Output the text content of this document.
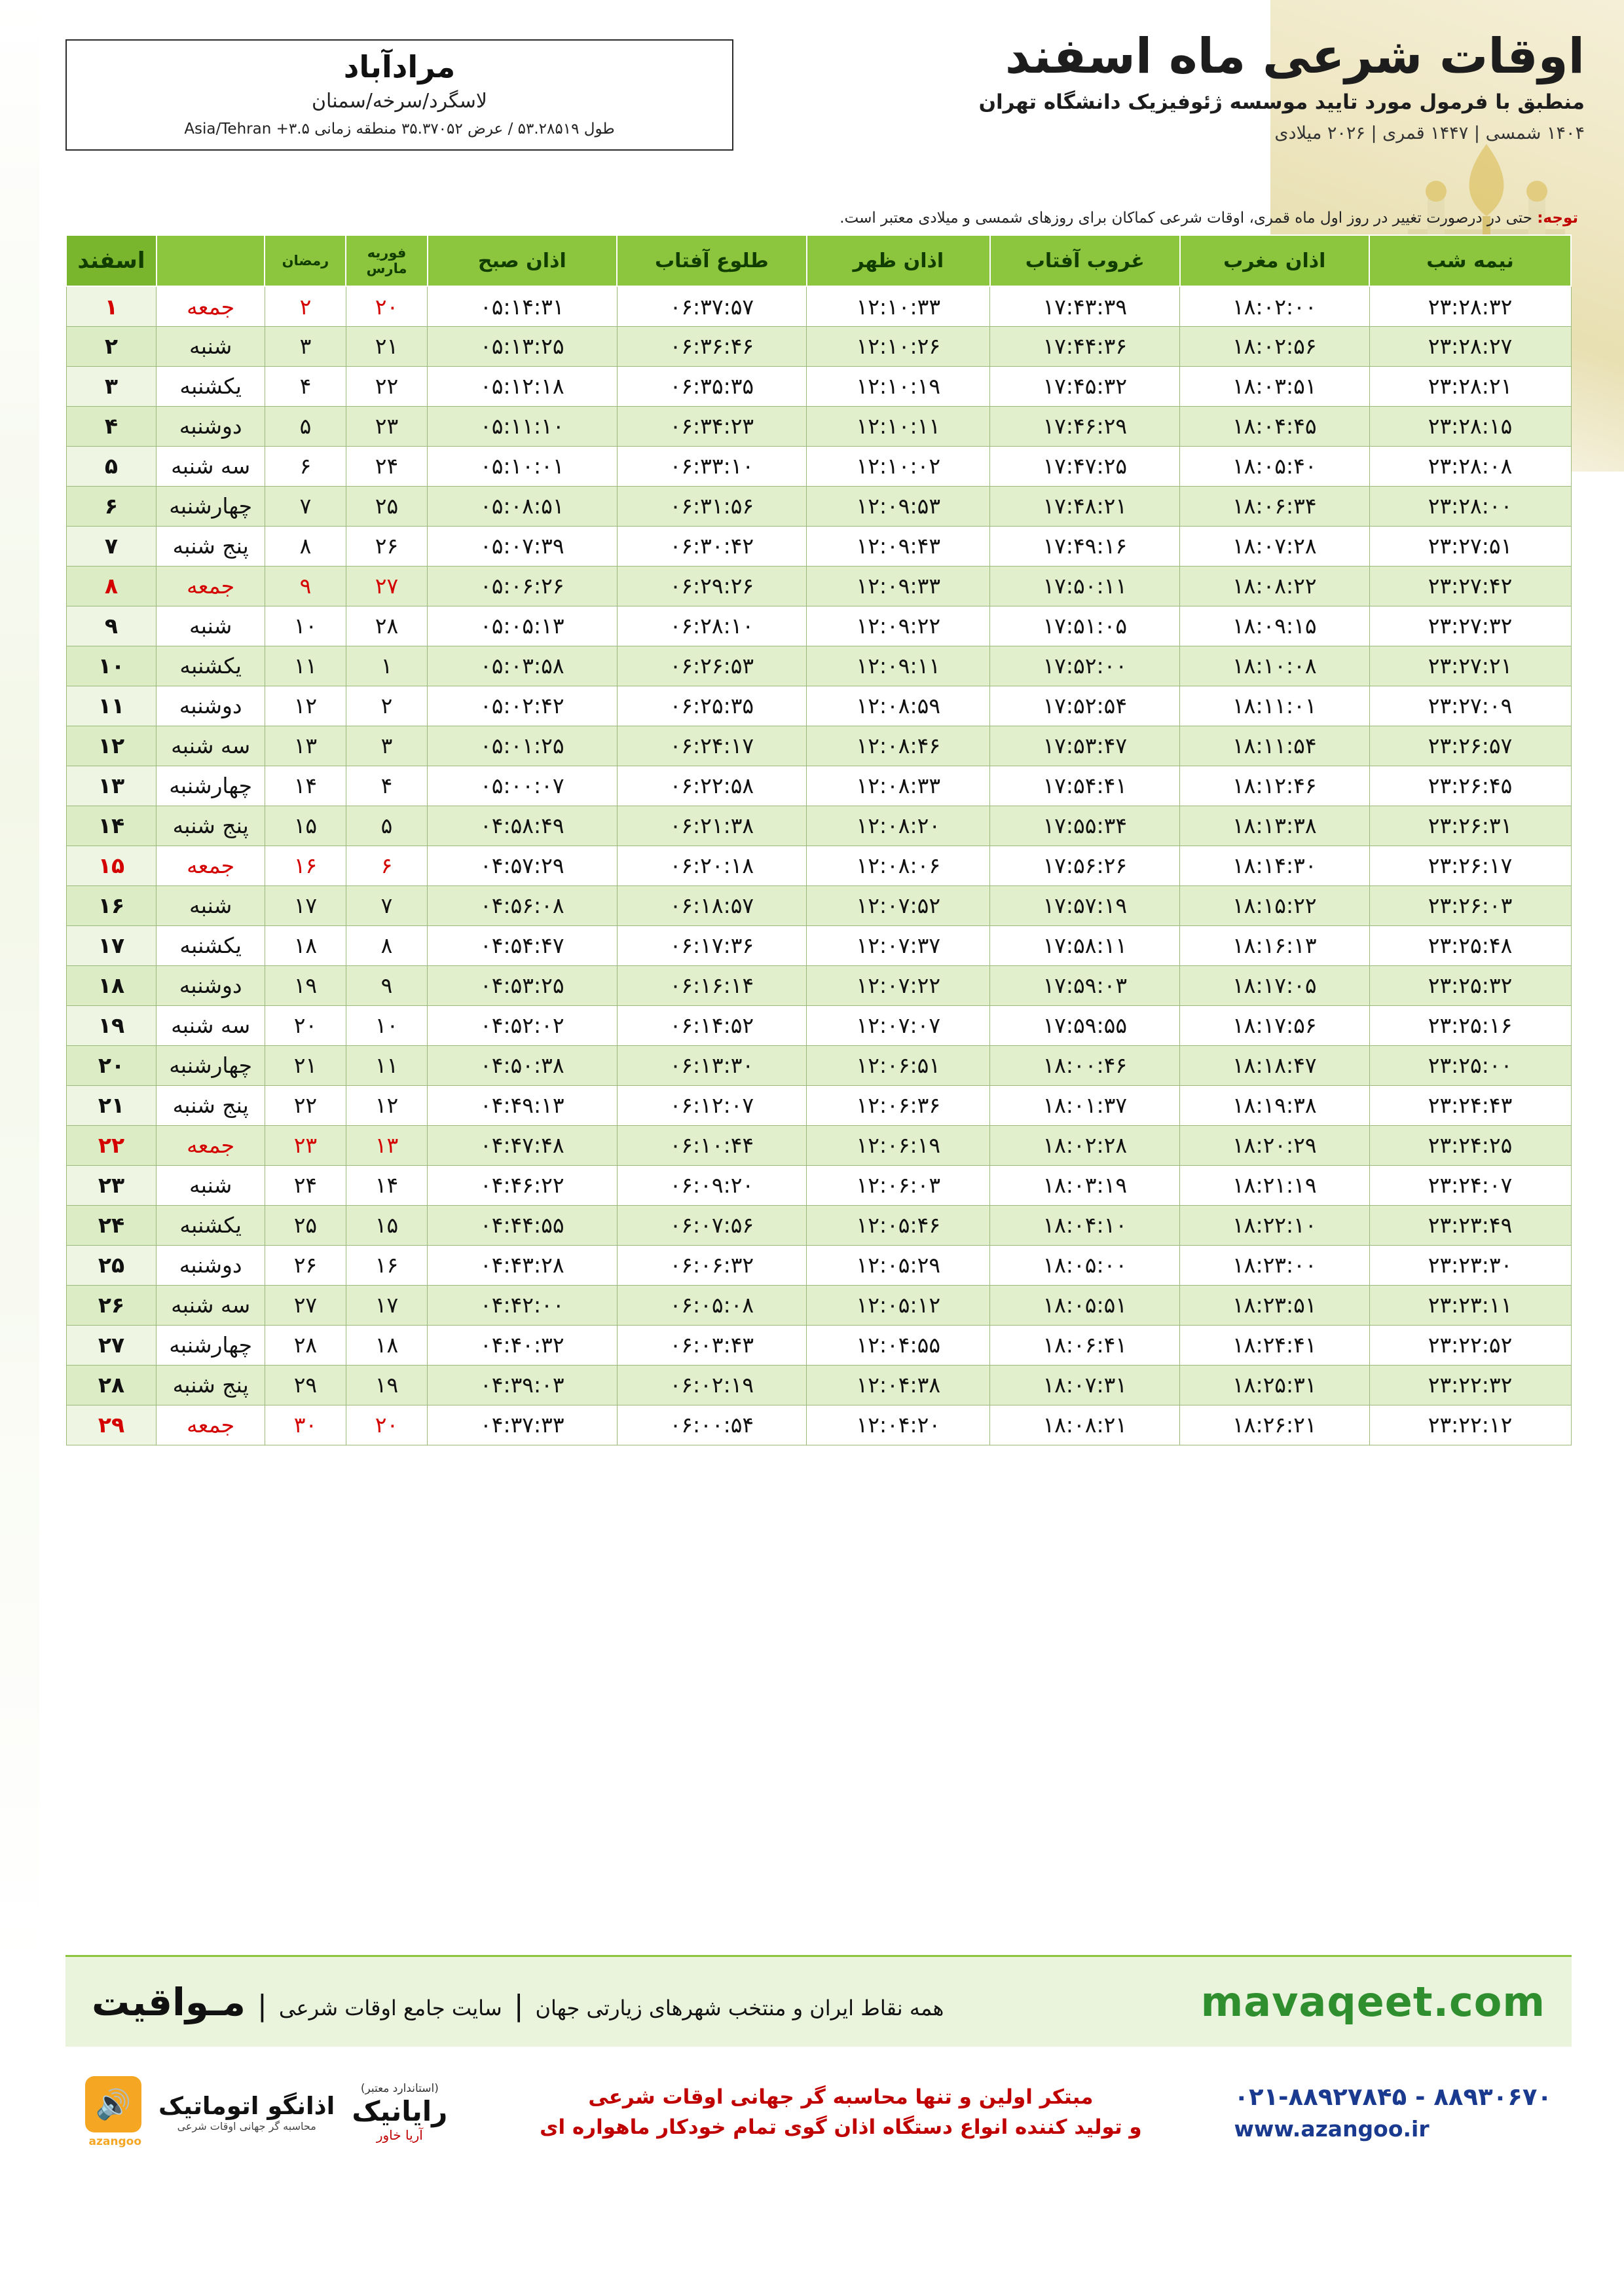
اوقات شرعی ماه اسفند
منطبق با فرمول مورد تایید موسسه ژئوفیزیک دانشگاه تهران
۱۴۰۴ شمسی | ۱۴۴۷ قمری | ۲۰۲۶ میلادی
مرادآباد
لاسگرد/سرخه/سمنان
طول ۵۳.۲۸۵۱۹ / عرض ۳۵.۳۷۰۵۲ منطقه زمانی ۳.۵+ Asia/Tehran
توجه: حتی در درصورت تغییر در روز اول ماه قمری، اوقات شرعی کماکان برای روزهای شمسی و میلادی معتبر است.
نیمه شب	اذان مغرب	غروب آفتاب	اذان ظهر	طلوع آفتاب	اذان صبح	فوریه مارس	رمضان		اسفند
۲۳:۲۸:۳۲	۱۸:۰۲:۰۰	۱۷:۴۳:۳۹	۱۲:۱۰:۳۳	۰۶:۳۷:۵۷	۰۵:۱۴:۳۱	۲۰	۲	جمعه	۱
۲۳:۲۸:۲۷	۱۸:۰۲:۵۶	۱۷:۴۴:۳۶	۱۲:۱۰:۲۶	۰۶:۳۶:۴۶	۰۵:۱۳:۲۵	۲۱	۳	شنبه	۲
۲۳:۲۸:۲۱	۱۸:۰۳:۵۱	۱۷:۴۵:۳۲	۱۲:۱۰:۱۹	۰۶:۳۵:۳۵	۰۵:۱۲:۱۸	۲۲	۴	یکشنبه	۳
۲۳:۲۸:۱۵	۱۸:۰۴:۴۵	۱۷:۴۶:۲۹	۱۲:۱۰:۱۱	۰۶:۳۴:۲۳	۰۵:۱۱:۱۰	۲۳	۵	دوشنبه	۴
۲۳:۲۸:۰۸	۱۸:۰۵:۴۰	۱۷:۴۷:۲۵	۱۲:۱۰:۰۲	۰۶:۳۳:۱۰	۰۵:۱۰:۰۱	۲۴	۶	سه شنبه	۵
۲۳:۲۸:۰۰	۱۸:۰۶:۳۴	۱۷:۴۸:۲۱	۱۲:۰۹:۵۳	۰۶:۳۱:۵۶	۰۵:۰۸:۵۱	۲۵	۷	چهارشنبه	۶
۲۳:۲۷:۵۱	۱۸:۰۷:۲۸	۱۷:۴۹:۱۶	۱۲:۰۹:۴۳	۰۶:۳۰:۴۲	۰۵:۰۷:۳۹	۲۶	۸	پنج شنبه	۷
۲۳:۲۷:۴۲	۱۸:۰۸:۲۲	۱۷:۵۰:۱۱	۱۲:۰۹:۳۳	۰۶:۲۹:۲۶	۰۵:۰۶:۲۶	۲۷	۹	جمعه	۸
۲۳:۲۷:۳۲	۱۸:۰۹:۱۵	۱۷:۵۱:۰۵	۱۲:۰۹:۲۲	۰۶:۲۸:۱۰	۰۵:۰۵:۱۳	۲۸	۱۰	شنبه	۹
۲۳:۲۷:۲۱	۱۸:۱۰:۰۸	۱۷:۵۲:۰۰	۱۲:۰۹:۱۱	۰۶:۲۶:۵۳	۰۵:۰۳:۵۸	۱	۱۱	یکشنبه	۱۰
۲۳:۲۷:۰۹	۱۸:۱۱:۰۱	۱۷:۵۲:۵۴	۱۲:۰۸:۵۹	۰۶:۲۵:۳۵	۰۵:۰۲:۴۲	۲	۱۲	دوشنبه	۱۱
۲۳:۲۶:۵۷	۱۸:۱۱:۵۴	۱۷:۵۳:۴۷	۱۲:۰۸:۴۶	۰۶:۲۴:۱۷	۰۵:۰۱:۲۵	۳	۱۳	سه شنبه	۱۲
۲۳:۲۶:۴۵	۱۸:۱۲:۴۶	۱۷:۵۴:۴۱	۱۲:۰۸:۳۳	۰۶:۲۲:۵۸	۰۵:۰۰:۰۷	۴	۱۴	چهارشنبه	۱۳
۲۳:۲۶:۳۱	۱۸:۱۳:۳۸	۱۷:۵۵:۳۴	۱۲:۰۸:۲۰	۰۶:۲۱:۳۸	۰۴:۵۸:۴۹	۵	۱۵	پنج شنبه	۱۴
۲۳:۲۶:۱۷	۱۸:۱۴:۳۰	۱۷:۵۶:۲۶	۱۲:۰۸:۰۶	۰۶:۲۰:۱۸	۰۴:۵۷:۲۹	۶	۱۶	جمعه	۱۵
۲۳:۲۶:۰۳	۱۸:۱۵:۲۲	۱۷:۵۷:۱۹	۱۲:۰۷:۵۲	۰۶:۱۸:۵۷	۰۴:۵۶:۰۸	۷	۱۷	شنبه	۱۶
۲۳:۲۵:۴۸	۱۸:۱۶:۱۳	۱۷:۵۸:۱۱	۱۲:۰۷:۳۷	۰۶:۱۷:۳۶	۰۴:۵۴:۴۷	۸	۱۸	یکشنبه	۱۷
۲۳:۲۵:۳۲	۱۸:۱۷:۰۵	۱۷:۵۹:۰۳	۱۲:۰۷:۲۲	۰۶:۱۶:۱۴	۰۴:۵۳:۲۵	۹	۱۹	دوشنبه	۱۸
۲۳:۲۵:۱۶	۱۸:۱۷:۵۶	۱۷:۵۹:۵۵	۱۲:۰۷:۰۷	۰۶:۱۴:۵۲	۰۴:۵۲:۰۲	۱۰	۲۰	سه شنبه	۱۹
۲۳:۲۵:۰۰	۱۸:۱۸:۴۷	۱۸:۰۰:۴۶	۱۲:۰۶:۵۱	۰۶:۱۳:۳۰	۰۴:۵۰:۳۸	۱۱	۲۱	چهارشنبه	۲۰
۲۳:۲۴:۴۳	۱۸:۱۹:۳۸	۱۸:۰۱:۳۷	۱۲:۰۶:۳۶	۰۶:۱۲:۰۷	۰۴:۴۹:۱۳	۱۲	۲۲	پنج شنبه	۲۱
۲۳:۲۴:۲۵	۱۸:۲۰:۲۹	۱۸:۰۲:۲۸	۱۲:۰۶:۱۹	۰۶:۱۰:۴۴	۰۴:۴۷:۴۸	۱۳	۲۳	جمعه	۲۲
۲۳:۲۴:۰۷	۱۸:۲۱:۱۹	۱۸:۰۳:۱۹	۱۲:۰۶:۰۳	۰۶:۰۹:۲۰	۰۴:۴۶:۲۲	۱۴	۲۴	شنبه	۲۳
۲۳:۲۳:۴۹	۱۸:۲۲:۱۰	۱۸:۰۴:۱۰	۱۲:۰۵:۴۶	۰۶:۰۷:۵۶	۰۴:۴۴:۵۵	۱۵	۲۵	یکشنبه	۲۴
۲۳:۲۳:۳۰	۱۸:۲۳:۰۰	۱۸:۰۵:۰۰	۱۲:۰۵:۲۹	۰۶:۰۶:۳۲	۰۴:۴۳:۲۸	۱۶	۲۶	دوشنبه	۲۵
۲۳:۲۳:۱۱	۱۸:۲۳:۵۱	۱۸:۰۵:۵۱	۱۲:۰۵:۱۲	۰۶:۰۵:۰۸	۰۴:۴۲:۰۰	۱۷	۲۷	سه شنبه	۲۶
۲۳:۲۲:۵۲	۱۸:۲۴:۴۱	۱۸:۰۶:۴۱	۱۲:۰۴:۵۵	۰۶:۰۳:۴۳	۰۴:۴۰:۳۲	۱۸	۲۸	چهارشنبه	۲۷
۲۳:۲۲:۳۲	۱۸:۲۵:۳۱	۱۸:۰۷:۳۱	۱۲:۰۴:۳۸	۰۶:۰۲:۱۹	۰۴:۳۹:۰۳	۱۹	۲۹	پنج شنبه	۲۸
۲۳:۲۲:۱۲	۱۸:۲۶:۲۱	۱۸:۰۸:۲۱	۱۲:۰۴:۲۰	۰۶:۰۰:۵۴	۰۴:۳۷:۳۳	۲۰	۳۰	جمعه	۲۹
mavaqeet.com
همه نقاط ایران و منتخب شهرهای زیارتی جهان
|
سایت جامع اوقات شرعی
|
مـواقیت
۰۲۱-۸۸۹۲۷۸۴۵ - ۸۸۹۳۰۶۷۰
www.azangoo.ir
مبتکر اولین و تنها محاسبه گر جهانی اوقات شرعی
و تولید کننده انواع دستگاه اذان گوی تمام خودکار ماهواره ای
(استاندارد معتبر)
رایانیک
آریا خاور
اذانگو اتوماتیک
محاسبه گر جهانی اوقات شرعی
🔊
azangoo
